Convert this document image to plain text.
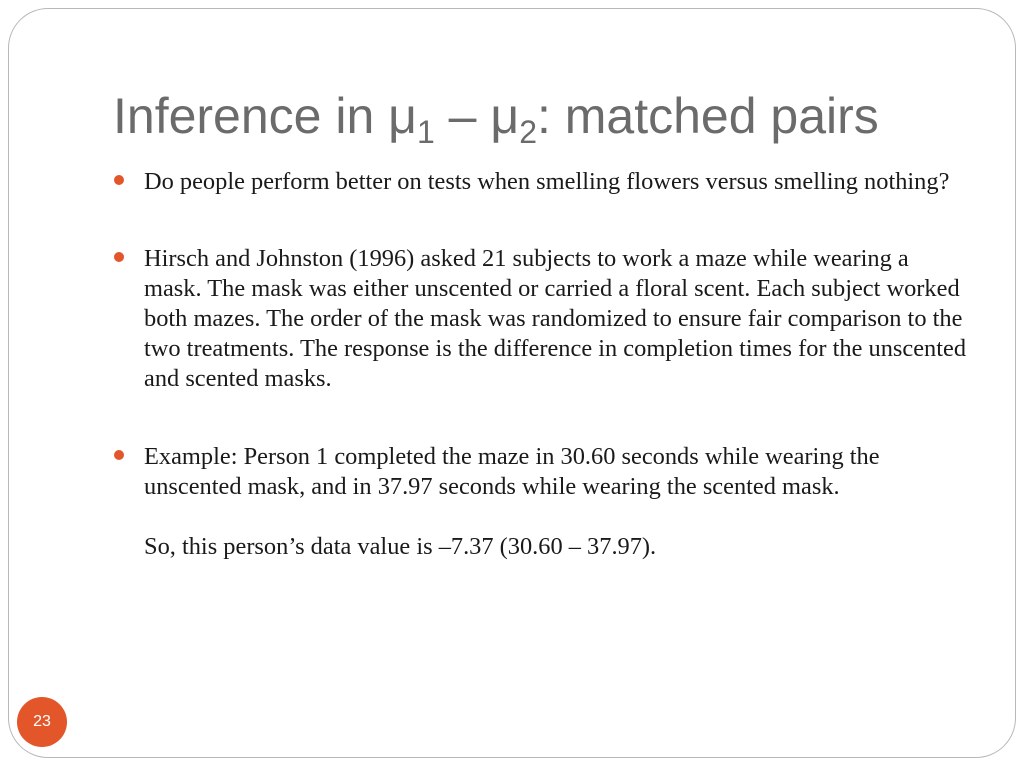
Inference in $\mu_1 - \mu_2$: matched pairs
Do people perform better on tests when smelling flowers versus smelling nothing?
Hirsch and Johnston (1996) asked 21 subjects to work a maze while wearing a mask. The mask was either unscented or carried a floral scent. Each subject worked both mazes. The order of the mask was randomized to ensure fair comparison to the two treatments. The response is the difference in completion times for the unscented and scented masks.
Example: Person 1 completed the maze in 30.60 seconds while wearing the unscented mask, and in 37.97 seconds while wearing the scented mask.
So, this person’s data value is –7.37 (30.60 – 37.97).
23
